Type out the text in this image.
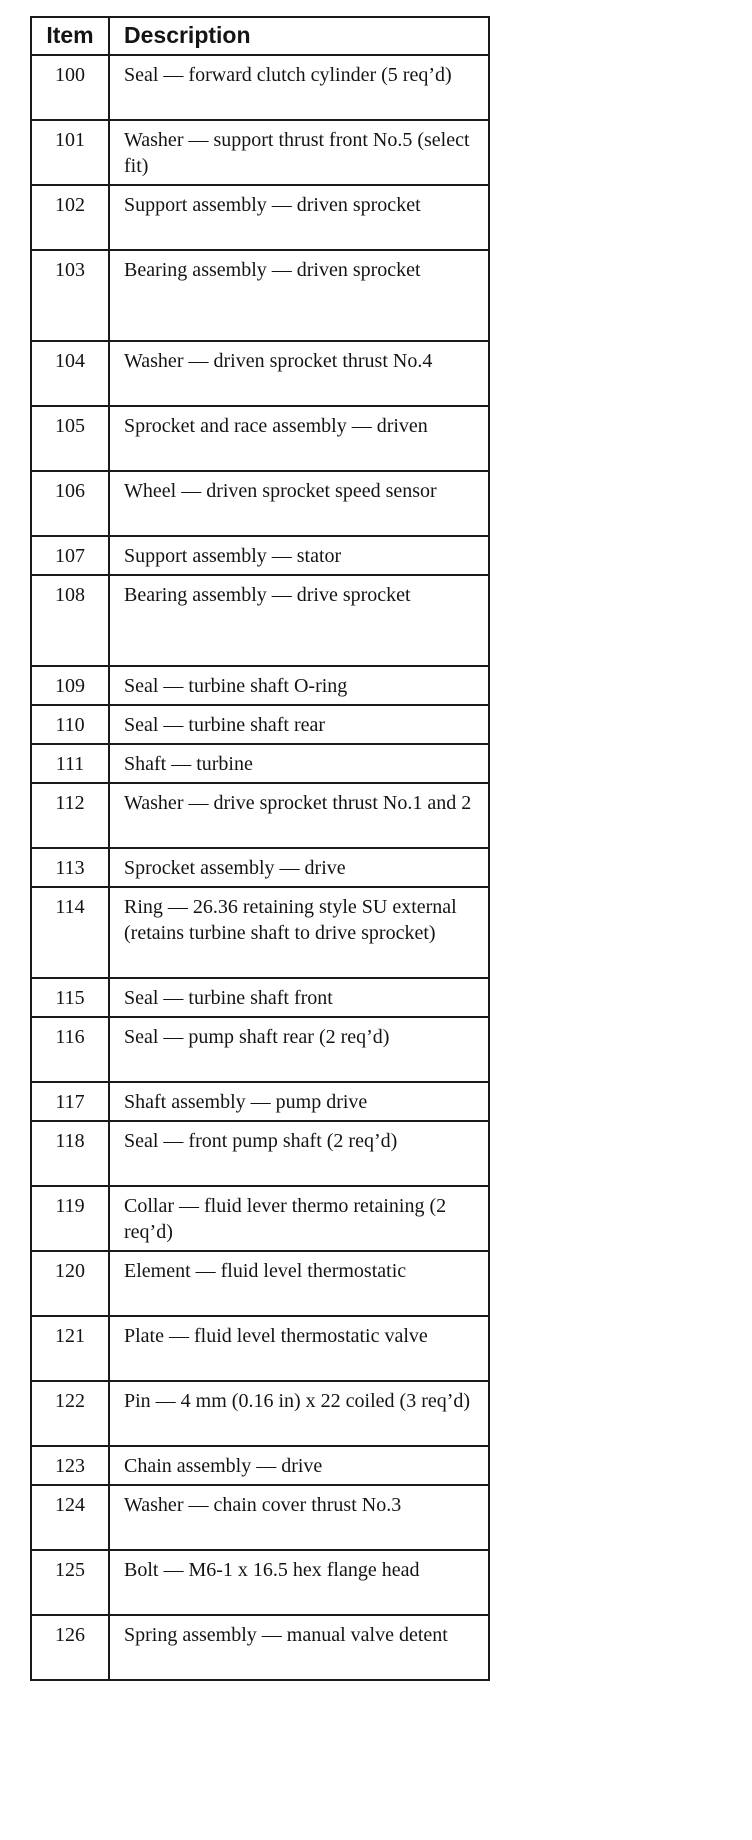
Item	Description
100	Seal — forward clutch cylinder (5 req’d)
101	Washer — support thrust front No.5 (select fit)
102	Support assembly — driven sprocket
103	Bearing assembly — driven sprocket
104	Washer — driven sprocket thrust No.4
105	Sprocket and race assembly — driven
106	Wheel — driven sprocket speed sensor
107	Support assembly — stator
108	Bearing assembly — drive sprocket
109	Seal — turbine shaft O-ring
110	Seal — turbine shaft rear
111	Shaft — turbine
112	Washer — drive sprocket thrust No.1 and 2
113	Sprocket assembly — drive
114	Ring — 26.36 retaining style SU external (retains turbine shaft to drive sprocket)
115	Seal — turbine shaft front
116	Seal — pump shaft rear (2 req’d)
117	Shaft assembly — pump drive
118	Seal — front pump shaft (2 req’d)
119	Collar — fluid lever thermo retaining (2 req’d)
120	Element — fluid level thermostatic
121	Plate — fluid level thermostatic valve
122	Pin — 4 mm (0.16 in) x 22 coiled (3 req’d)
123	Chain assembly — drive
124	Washer — chain cover thrust No.3
125	Bolt — M6-1 x 16.5 hex flange head
126	Spring assembly — manual valve detent
